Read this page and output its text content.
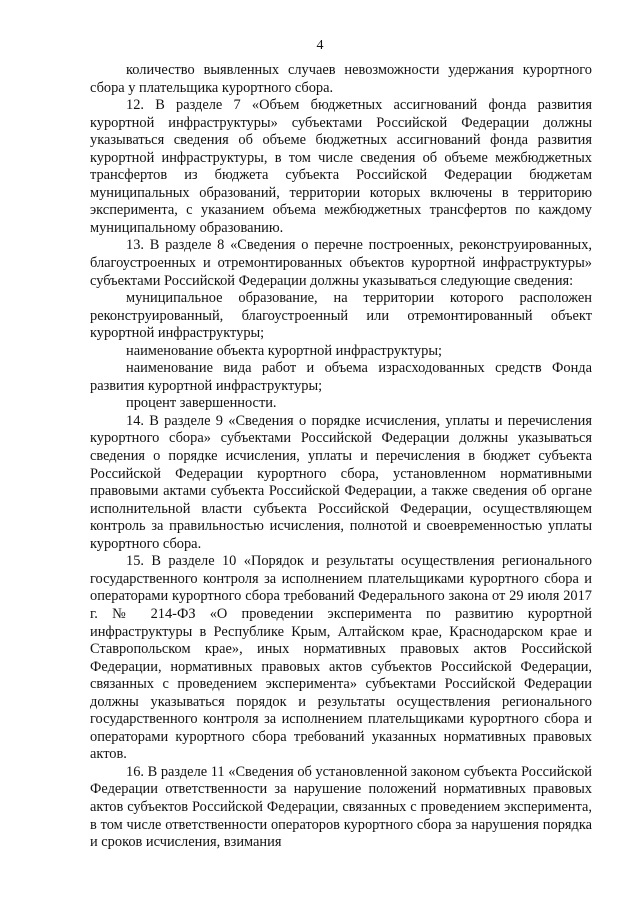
4

количество выявленных случаев невозможности удержания курортного сбора у плательщика курортного сбора.

12. В разделе 7 «Объем бюджетных ассигнований фонда развития курортной инфраструктуры» субъектами Российской Федерации должны указываться сведения об объеме бюджетных ассигнований фонда развития курортной инфраструктуры, в том числе сведения об объеме межбюджетных трансфертов из бюджета субъекта Российской Федерации бюджетам муниципальных образований, территории которых включены в территорию эксперимента, с указанием объема межбюджетных трансфертов по каждому муниципальному образованию.

13. В разделе 8 «Сведения о перечне построенных, реконструированных, благоустроенных и отремонтированных объектов курортной инфраструктуры» субъектами Российской Федерации должны указываться следующие сведения:

муниципальное образование, на территории которого расположен реконструированный, благоустроенный или отремонтированный объект курортной инфраструктуры;

наименование объекта курортной инфраструктуры;

наименование вида работ и объема израсходованных средств Фонда развития курортной инфраструктуры;

процент завершенности.

14. В разделе 9 «Сведения о порядке исчисления, уплаты и перечисления курортного сбора» субъектами Российской Федерации должны указываться сведения о порядке исчисления, уплаты и перечисления в бюджет субъекта Российской Федерации курортного сбора, установленном нормативными правовыми актами субъекта Российской Федерации, а также сведения об органе исполнительной власти субъекта Российской Федерации, осуществляющем контроль за правильностью исчисления, полнотой и своевременностью уплаты курортного сбора.

15. В разделе 10 «Порядок и результаты осуществления регионального государственного контроля за исполнением плательщиками курортного сбора и операторами курортного сбора требований Федерального закона от 29 июля 2017 г. № 214-ФЗ «О проведении эксперимента по развитию курортной инфраструктуры в Республике Крым, Алтайском крае, Краснодарском крае и Ставропольском крае», иных нормативных правовых актов Российской Федерации, нормативных правовых актов субъектов Российской Федерации, связанных с проведением эксперимента» субъектами Российской Федерации должны указываться порядок и результаты осуществления регионального государственного контроля за исполнением плательщиками курортного сбора и операторами курортного сбора требований указанных нормативных правовых актов.

16. В разделе 11 «Сведения об установленной законом субъекта Российской Федерации ответственности за нарушение положений нормативных правовых актов субъектов Российской Федерации, связанных с проведением эксперимента, в том числе ответственности операторов курортного сбора за нарушения порядка и сроков исчисления, взимания
